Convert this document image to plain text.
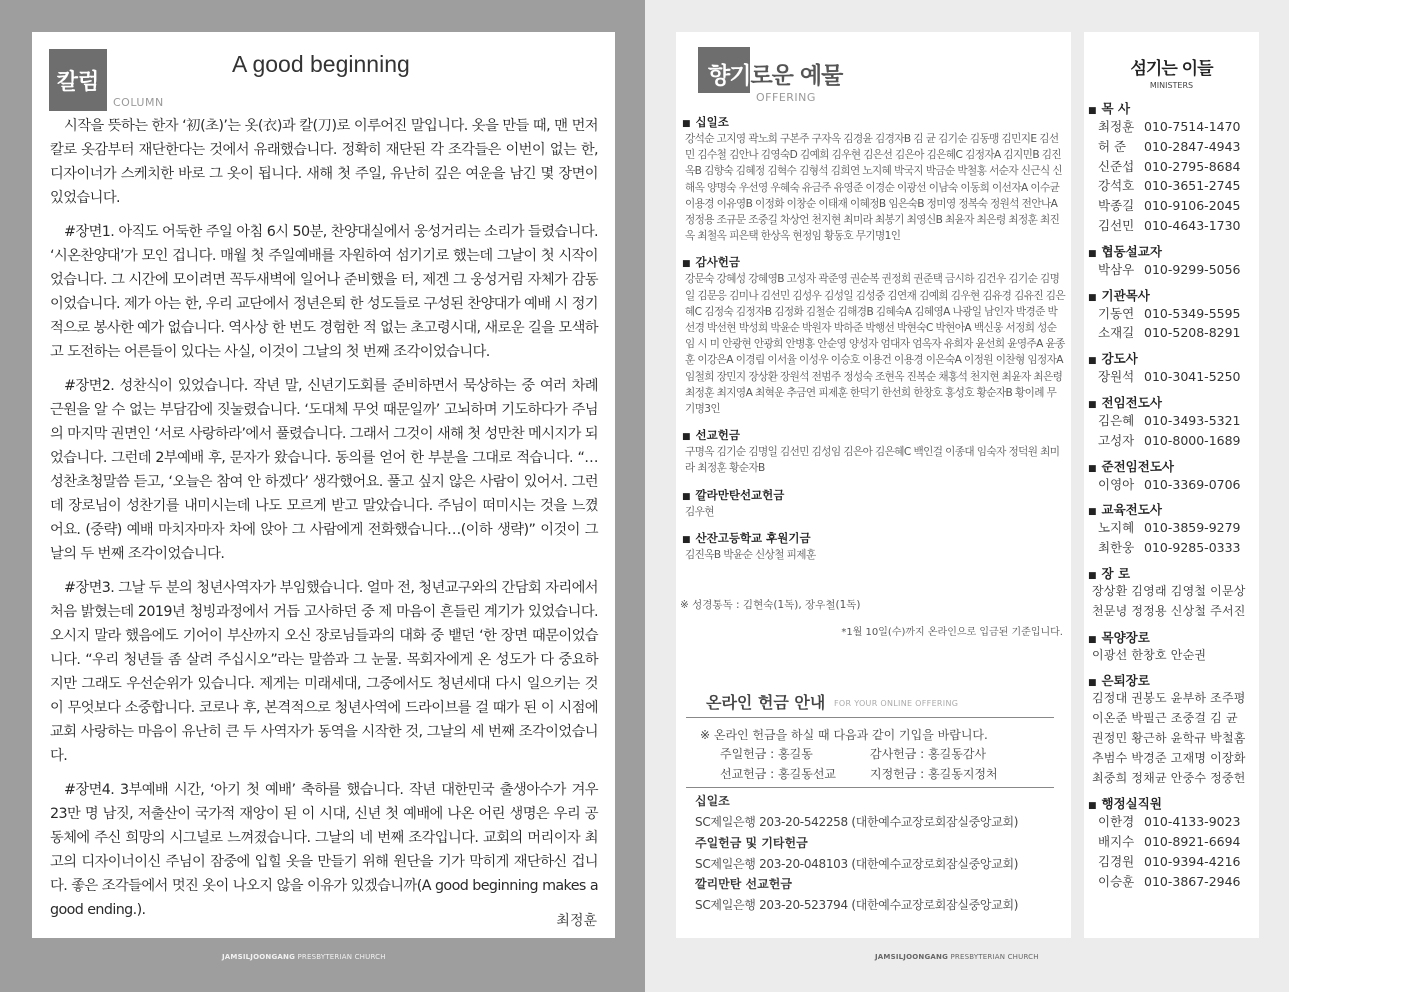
칼럼
COLUMN
A good beginning

시작을 뜻하는 한자 ‘初(초)’는 옷(衣)과 칼(刀)로 이루어진 말입니다. 옷을 만들 때, 맨 먼저 칼로 옷감부터 재단한다는 것에서 유래했습니다. 정확히 재단된 각 조각들은 이번이 없는 한, 디자이너가 스케치한 바로 그 옷이 됩니다. 새해 첫 주일, 유난히 깊은 여운을 남긴 몇 장면이 있었습니다.

#장면1. 아직도 어둑한 주일 아침 6시 50분, 찬양대실에서 웅성거리는 소리가 들렸습니다. ‘시온찬양대’가 모인 겁니다. 매월 첫 주일예배를 자원하여 섬기기로 했는데 그날이 첫 시작이었습니다. 그 시간에 모이려면 꼭두새벽에 일어나 준비했을 터, 제겐 그 웅성거림 자체가 감동이었습니다. 제가 아는 한, 우리 교단에서 정년은퇴 한 성도들로 구성된 찬양대가 예배 시 정기적으로 봉사한 예가 없습니다. 역사상 한 번도 경험한 적 없는 초고령시대, 새로운 길을 모색하고 도전하는 어른들이 있다는 사실, 이것이 그날의 첫 번째 조각이었습니다.

#장면2. 성찬식이 있었습니다. 작년 말, 신년기도회를 준비하면서 묵상하는 중 여러 차례 근원을 알 수 없는 부담감에 짓눌렸습니다. ‘도대체 무엇 때문일까’ 고뇌하며 기도하다가 주님의 마지막 권면인 ‘서로 사랑하라’에서 풀렸습니다. 그래서 그것이 새해 첫 성만찬 메시지가 되었습니다. 그런데 2부예배 후, 문자가 왔습니다. 동의를 얻어 한 부분을 그대로 적습니다. “…성찬초청말씀 듣고, ‘오늘은 참여 안 하겠다’ 생각했어요. 풀고 싶지 않은 사람이 있어서. 그런데 장로님이 성찬기를 내미시는데 나도 모르게 받고 말았습니다. 주님이 떠미시는 것을 느꼈어요. (중략) 예배 마치자마자 차에 앉아 그 사람에게 전화했습니다…(이하 생략)” 이것이 그날의 두 번째 조각이었습니다.

#장면3. 그날 두 분의 청년사역자가 부임했습니다. 얼마 전, 청년교구와의 간담회 자리에서 처음 밝혔는데 2019년 청빙과정에서 거듭 고사하던 중 제 마음이 흔들린 계기가 있었습니다. 오시지 말라 했음에도 기어이 부산까지 오신 장로님들과의 대화 중 뱉던 ‘한 장면 때문이었습니다. “우리 청년들 좀 살려 주십시오”라는 말씀과 그 눈물. 목회자에게 온 성도가 다 중요하지만 그래도 우선순위가 있습니다. 제게는 미래세대, 그중에서도 청년세대 다시 일으키는 것이 무엇보다 소중합니다. 코로나 후, 본격적으로 청년사역에 드라이브를 걸 때가 된 이 시점에 교회 사랑하는 마음이 유난히 큰 두 사역자가 동역을 시작한 것, 그날의 세 번째 조각이었습니다.

#장면4. 3부예배 시간, ‘아기 첫 예배’ 축하를 했습니다. 작년 대한민국 출생아수가 겨우 23만 명 남짓, 저출산이 국가적 재앙이 된 이 시대, 신년 첫 예배에 나온 어린 생명은 우리 공동체에 주신 희망의 시그널로 느껴졌습니다. 그날의 네 번째 조각입니다. 교회의 머리이자 최고의 디자이너이신 주님이 잠중에 입힐 옷을 만들기 위해 원단을 기가 막히게 재단하신 겁니다. 좋은 조각들에서 멋진 옷이 나오지 않을 이유가 있겠습니까(A good beginning makes a good ending.).

최정훈
JAMSILJOONGANG PRESBYTERIAN CHURCH	JAMSILJOONGANG PRESBYTERIAN CHURCH
향기로운 예물
OFFERING
■ 십일조
강석순 고지영 곽노희 구본주 구자옥 김경윤 김경자B 김 균 김기순 김동맹 김민지E 김선민 김수철 김안나 김영숙D 김예희 김우현 김은선 김은아 김은혜C 김정자A 김지민B 김진옥B 김향숙 김혜정 김혁수 김형석 김희연 노지혜 박국지 박금순 박철홍 서순자 신근식 신해옥 양명숙 우선영 우혜숙 유금주 유영준 이경순 이광선 이남숙 이동희 이선자A 이수균 이용경 이유영B 이정화 이창순 이태재 이혜정B 임은숙B 정미영 정복숙 정원석 전안나A 정정용 조규문 조중길 차상언 천지현 최미라 최봉기 최영신B 최윤자 최은령 최정훈 최진옥 최철옥 피은택 한상옥 현정임 황동호 무기명1인
■ 감사헌금
강문숙 강혜성 강혜영B 고성자 곽준영 권순복 권정희 권준택 금시하 김건우 김기순 김명일 김문응 김미나 김선민 김성우 김성일 김성중 김연재 김예희 김우현 김유경 김유진 김은혜C 김정숙 김정자B 김정화 김철순 김해경B 김혜숙A 김혜영A 나광일 남인자 박경준 박선경 박선현 박성희 박윤순 박원자 박하준 박행선 박현숙C 박현아A 백신웅 서정희 성순임 시 미 안광현 안광희 안병홍 안순영 양성자 엄대자 엄옥자 유희자 윤선희 윤영주A 윤종훈 이강은A 이경림 이서율 이성우 이승호 이용건 이용경 이은숙A 이정원 이찬형 임정자A 임철희 장민지 장상환 장원석 전범주 정성숙 조현옥 진복순 채홍석 천지현 최윤자 최은령 최정훈 최지영A 최혁운 추금연 피제훈 한덕기 한선희 한창호 홍성호 황순자B 황이례 무기명3인
■ 선교헌금
구명옥 김기순 김명일 김선민 김성임 김은아 김은혜C 백인걸 이종대 임숙자 정덕원 최미라 최정훈 황순자B
■ 깔라만탄선교헌금
김우현
■ 산잔고등학교 후원기금
김진옥B 박윤순 신상철 피제훈
※ 성경통독 : 김현숙(1독), 장우철(1독)
*1월 10일(수)까지 온라인으로 입금된 기준입니다.
온라인 헌금 안내 FOR YOUR ONLINE OFFERING
※ 온라인 헌금을 하실 때 다음과 같이 기입을 바랍니다.
주일헌금 : 홍길동	감사헌금 : 홍길동감사
선교헌금 : 홍길동선교	지정헌금 : 홍길동지정처
십일조
SC제일은행 203-20-542258 (대한예수교장로회잠실중앙교회)
주일헌금 및 기타헌금
SC제일은행 203-20-048103 (대한예수교장로회잠실중앙교회)
깔리만탄 선교헌금
SC제일은행 203-20-523794 (대한예수교장로회잠실중앙교회)
섬기는 이들
MINISTERS
■ 목 사
최정훈 010-7514-1470
허 준	010-2847-4943
신준섭 010-2795-8684
강석호 010-3651-2745
박종길 010-9106-2045
김선민 010-4643-1730
■ 협동설교자
박삼우 010-9299-5056
■ 기관목사
기동연 010-5349-5595
소재길 010-5208-8291
■ 강도사
장원석 010-3041-5250
■ 전임전도사
김은혜 010-3493-5321
고성자 010-8000-1689
■ 준전임전도사
이영아 010-3369-0706
■ 교육전도사
노지혜 010-3859-9279
최한웅 010-9285-0333
■ 장 로
장상환 김영래 김영철 이문상
천문녕 정정용 신상철 주서진
■ 목양장로
이광선 한창호 안순권
■ 은퇴장로
김정대 권봉도 윤부하 조주평
이온준 박필근 조중걸 김 균
권정민 황근하 윤학규 박철홈
추범수 박경준 고재명 이장화
최중희 정채균 안중수 정중헌
■ 행정실직원
이한경 010-4133-9023
배지수 010-8921-6694
김경원 010-9394-4216
이승훈 010-3867-2946
